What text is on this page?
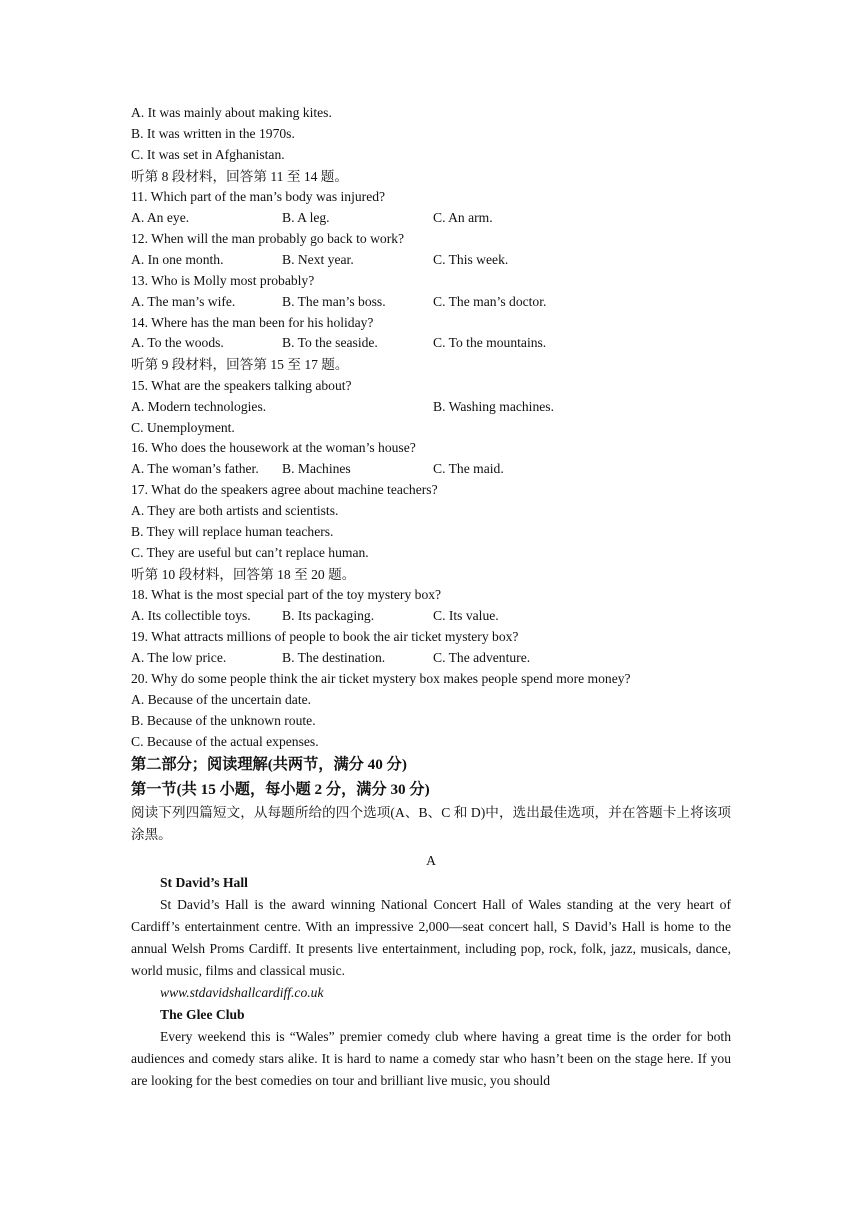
A. It was mainly about making kites.
B. It was written in the 1970s.
C. It was set in Afghanistan.
听第 8 段材料，回答第 11 至 14 题。
11. Which part of the man’s body was injured?
A. An eye.	B. A leg.	C. An arm.
12. When will the man probably go back to work?
A. In one month.	B. Next year.	C. This week.
13. Who is Molly most probably?
A. The man’s wife.	B. The man’s boss.	C. The man’s doctor.
14. Where has the man been for his holiday?
A. To the woods.	B. To the seaside.	C. To the mountains.
听第 9 段材料，回答第 15 至 17 题。
15. What are the speakers talking about?
A. Modern technologies.	B. Washing machines.
C. Unemployment.
16. Who does the housework at the woman’s house?
A. The woman’s father. B. Machines	C. The maid.
17. What do the speakers agree about machine teachers?
A. They are both artists and scientists.
B. They will replace human teachers.
C. They are useful but can’t replace human.
听第 10 段材料，回答第 18 至 20 题。
18. What is the most special part of the toy mystery box?
A. Its collectible toys. B. Its packaging.	C. Its value.
19. What attracts millions of people to book the air ticket mystery box?
A. The low price.	B. The destination.	C. The adventure.
20. Why do some people think the air ticket mystery box makes people spend more money?
A. Because of the uncertain date.
B. Because of the unknown route.
C. Because of the actual expenses.
第二部分；阅读理解(共两节，满分 40 分)
第一节(共 15 小题，每小题 2 分，满分 30 分)
阅读下列四篇短文，从每题所给的四个选项(A、B、C 和 D)中，选出最佳选项，并在答题卡上将该项涂黑。
A
St David’s Hall
St David’s Hall is the award winning National Concert Hall of Wales standing at the very heart of Cardiff’s entertainment centre. With an impressive 2,000—seat concert hall, S David’s Hall is home to the annual Welsh Proms Cardiff. It presents live entertainment, including pop, rock, folk, jazz, musicals, dance, world music, films and classical music.
www.stdavidshallcardiff.co.uk
The Glee Club
Every weekend this is “Wales” premier comedy club where having a great time is the order for both audiences and comedy stars alike. It is hard to name a comedy star who hasn’t been on the stage here. If you are looking for the best comedies on tour and brilliant live music, you should
